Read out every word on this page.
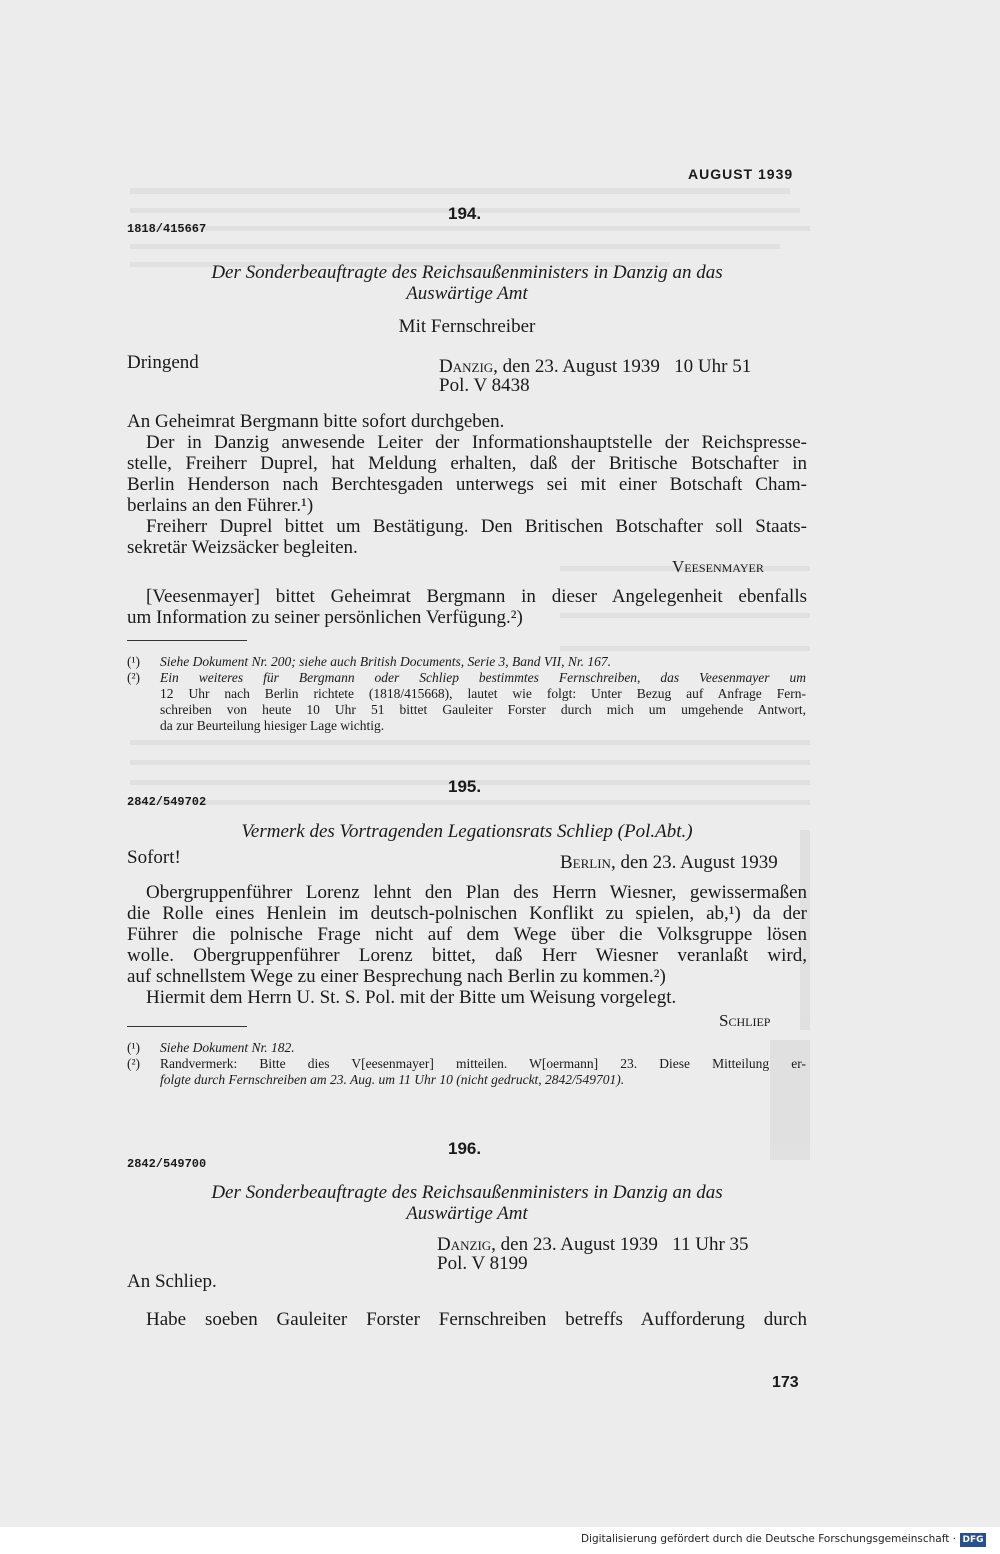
AUGUST 1939
194.
1818/415667
Der Sonderbeauftragte des Reichsaußenministers in Danzig an das
Auswärtige Amt
Mit Fernschreiber
Dringend	Danzig, den 23. August 1939   10 Uhr 51
Pol. V 8438
An Geheimrat Bergmann bitte sofort durchgeben.
Der in Danzig anwesende Leiter der Informationshauptstelle der Reichspresse-
stelle, Freiherr Duprel, hat Meldung erhalten, daß der Britische Botschafter in
Berlin Henderson nach Berchtesgaden unterwegs sei mit einer Botschaft Cham-
berlains an den Führer.¹)
Freiherr Duprel bittet um Bestätigung. Den Britischen Botschafter soll Staats-
sekretär Weizsäcker begleiten.
Veesenmayer
[Veesenmayer] bittet Geheimrat Bergmann in dieser Angelegenheit ebenfalls
um Information zu seiner persönlichen Verfügung.²)
(¹) Siehe Dokument Nr. 200; siehe auch British Documents, Serie 3, Band VII, Nr. 167.
(²) Ein weiteres für Bergmann oder Schliep bestimmtes Fernschreiben, das Veesenmayer um
12 Uhr nach Berlin richtete (1818/415668), lautet wie folgt: Unter Bezug auf Anfrage Fern-
schreiben von heute 10 Uhr 51 bittet Gauleiter Forster durch mich um umgehende Antwort,
da zur Beurteilung hiesiger Lage wichtig.
195.
2842/549702
Vermerk des Vortragenden Legationsrats Schliep (Pol.Abt.)
Sofort!	Berlin, den 23. August 1939
Obergruppenführer Lorenz lehnt den Plan des Herrn Wiesner, gewissermaßen
die Rolle eines Henlein im deutsch-polnischen Konflikt zu spielen, ab,¹) da der
Führer die polnische Frage nicht auf dem Wege über die Volksgruppe lösen
wolle. Obergruppenführer Lorenz bittet, daß Herr Wiesner veranlaßt wird,
auf schnellstem Wege zu einer Besprechung nach Berlin zu kommen.²)
Hiermit dem Herrn U. St. S. Pol. mit der Bitte um Weisung vorgelegt.
Schliep
(¹) Siehe Dokument Nr. 182.
(²) Randvermerk: Bitte dies V[eesenmayer] mitteilen. W[oermann] 23. Diese Mitteilung er-
folgte durch Fernschreiben am 23. Aug. um 11 Uhr 10 (nicht gedruckt, 2842/549701).
196.
2842/549700
Der Sonderbeauftragte des Reichsaußenministers in Danzig an das
Auswärtige Amt
Danzig, den 23. August 1939   11 Uhr 35
Pol. V 8199
An Schliep.
Habe soeben Gauleiter Forster Fernschreiben betreffs Aufforderung durch
173
Digitalisierung gefördert durch die Deutsche Forschungsgemeinschaft · DFG
